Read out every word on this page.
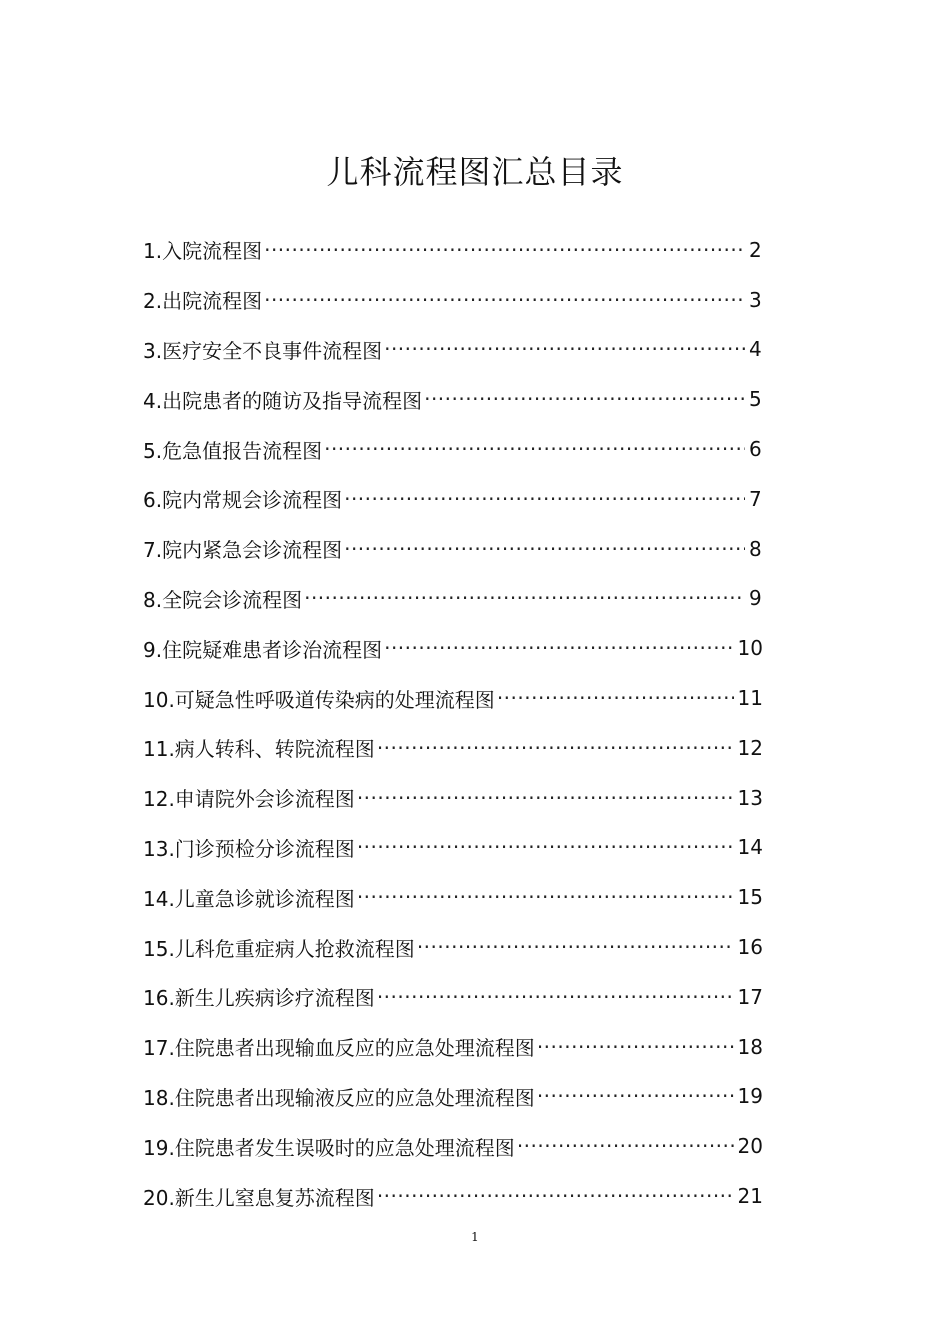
儿科流程图汇总目录
1.入院流程图 ·····	2
2.出院流程图 ·····	3
3.医疗安全不良事件流程图 ·····	4
4.出院患者的随访及指导流程图 ·····	5
5.危急值报告流程图 ·····	6
6.院内常规会诊流程图 ·····	7
7.院内紧急会诊流程图 ·····	8
8.全院会诊流程图 ·····	9
9.住院疑难患者诊治流程图 ·····	10
10.可疑急性呼吸道传染病的处理流程图 ·····	11
11.病人转科、转院流程图 ·····	12
12.申请院外会诊流程图 ·····	13
13.门诊预检分诊流程图 ·····	14
14.儿童急诊就诊流程图 ·····	15
15.儿科危重症病人抢救流程图 ·····	16
16.新生儿疾病诊疗流程图 ·····	17
17.住院患者出现输血反应的应急处理流程图 ·····	18
18.住院患者出现输液反应的应急处理流程图 ·····	19
19.住院患者发生误吸时的应急处理流程图 ·····	20
20.新生儿窒息复苏流程图 ·····	21
1
